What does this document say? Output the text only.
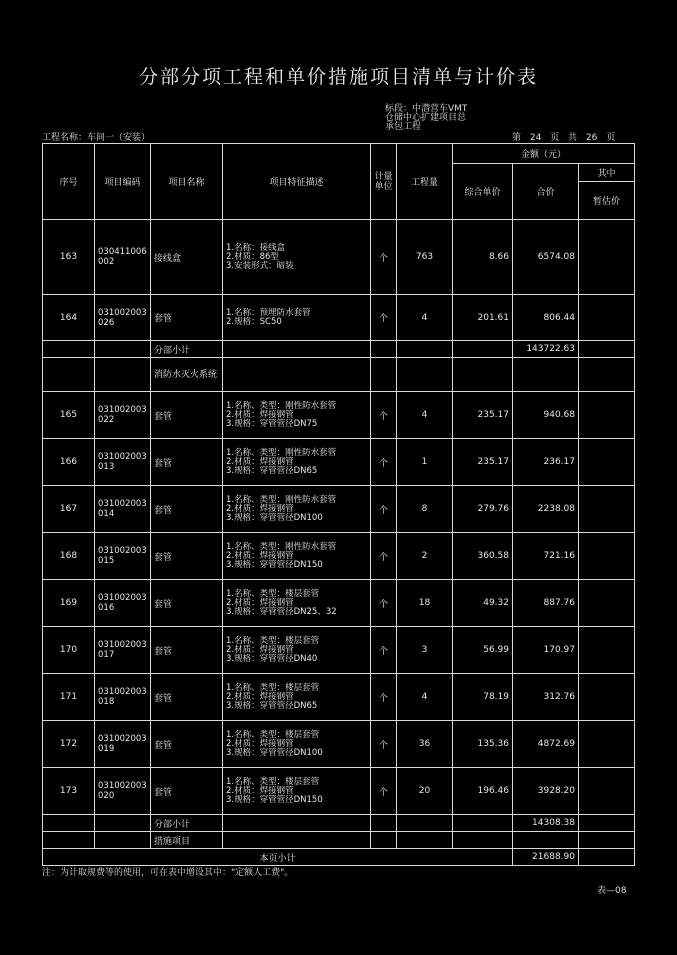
分部分项工程和单价措施项目清单与计价表
标段：中潜营车VMT
仓储中心扩建项目总
承包工程
工程名称：车间一（安装）	第 24 页 共 26 页
序号	项目编码	项目名称	项目特征描述	计量单位	工程量	金额（元）		
						综合单价	合价	其中
								暂估价
163	030411006002	接线盒	1.名称：接线盒
2.材质：86型
3.安装形式：暗装	个	763	8.66	6574.08	
164	031002003026	套管	1.名称：预埋防水套管
2.规格：SC50	个	4	201.61	806.44	
		分部小计					143722.63	
		消防水灭火系统						
165	031002003022	套管	1.名称、类型：刚性防水套管
2.材质：焊接钢管
3.规格：穿管管径DN75	个	4	235.17	940.68	
166	031002003013	套管	1.名称、类型：刚性防水套管
2.材质：焊接钢管
3.规格：穿管管径DN65	个	1	235.17	236.17	
167	031002003014	套管	1.名称、类型：刚性防水套管
2.材质：焊接钢管
3.规格：穿管管径DN100	个	8	279.76	2238.08	
168	031002003015	套管	1.名称、类型：刚性防水套管
2.材质：焊接钢管
3.规格：穿管管径DN150	个	2	360.58	721.16	
169	031002003016	套管	1.名称、类型：楼层套管
2.材质：焊接钢管
3.规格：穿管管径DN25、32	个	18	49.32	887.76	
170	031002003017	套管	1.名称、类型：楼层套管
2.材质：焊接钢管
3.规格：穿管管径DN40	个	3	56.99	170.97	
171	031002003018	套管	1.名称、类型：楼层套管
2.材质：焊接钢管
3.规格：穿管管径DN65	个	4	78.19	312.76	
172	031002003019	套管	1.名称、类型：楼层套管
2.材质：焊接钢管
3.规格：穿管管径DN100	个	36	135.36	4872.69	
173	031002003020	套管	1.名称、类型：楼层套管
2.材质：焊接钢管
3.规格：穿管管径DN150	个	20	196.46	3928.20	
		分部小计					14308.38	
		措施项目						
本页小计							21688.90	
注：为计取规费等的使用，可在表中增设其中："定额人工费"。
表—08
